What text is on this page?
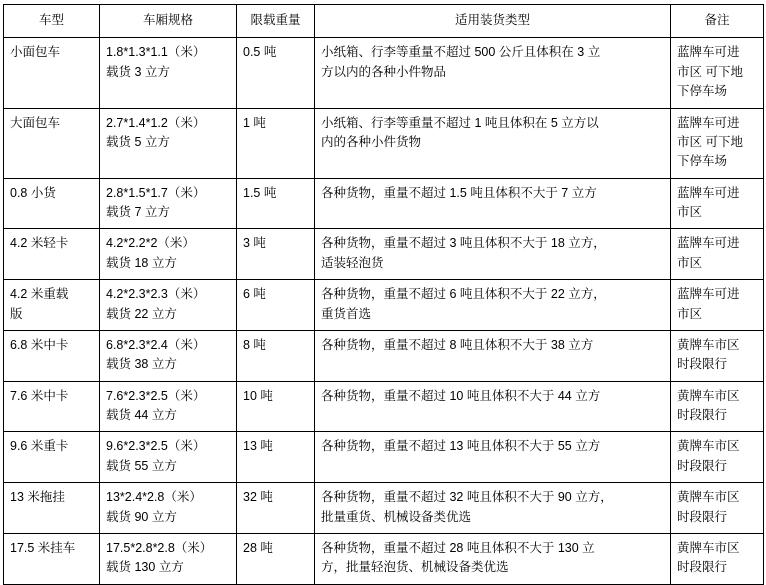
车型	车厢规格	限载重量	适用装货类型	备注

小面包车	1.8*1.3*1.1（米）
载货 3 立方	0.5 吨	小纸箱、行李等重量不超过 500 公斤且体积在 3 立
方以内的各种小件物品	蓝牌车可进
市区 可下地
下停车场

大面包车	2.7*1.4*1.2（米）
载货 5 立方	1 吨	小纸箱、行李等重量不超过 1 吨且体积在 5 立方以
内的各种小件货物	蓝牌车可进
市区 可下地
下停车场

0.8 小货	2.8*1.5*1.7（米）
载货 7 立方	1.5 吨	各种货物，重量不超过 1.5 吨且体积不大于 7 立方	蓝牌车可进
市区

4.2 米轻卡	4.2*2.2*2（米）
载货 18 立方	3 吨	各种货物，重量不超过 3 吨且体积不大于 18 立方，
适装轻泡货	蓝牌车可进
市区

4.2 米重载
版	4.2*2.3*2.3（米）
载货 22 立方	6 吨	各种货物，重量不超过 6 吨且体积不大于 22 立方，
重货首选	蓝牌车可进
市区

6.8 米中卡	6.8*2.3*2.4（米）
载货 38 立方	8 吨	各种货物，重量不超过 8 吨且体积不大于 38 立方	黄牌车市区
时段限行

7.6 米中卡	7.6*2.3*2.5（米）
载货 44 立方	10 吨	各种货物，重量不超过 10 吨且体积不大于 44 立方	黄牌车市区
时段限行

9.6 米重卡	9.6*2.3*2.5（米）
载货 55 立方	13 吨	各种货物，重量不超过 13 吨且体积不大于 55 立方	黄牌车市区
时段限行

13 米拖挂	13*2.4*2.8（米）
载货 90 立方	32 吨	各种货物，重量不超过 32 吨且体积不大于 90 立方，
批量重货、机械设备类优选	黄牌车市区
时段限行

17.5 米挂车	17.5*2.8*2.8（米）
载货 130 立方	28 吨	各种货物，重量不超过 28 吨且体积不大于 130 立
方，批量轻泡货、机械设备类优选	黄牌车市区
时段限行
